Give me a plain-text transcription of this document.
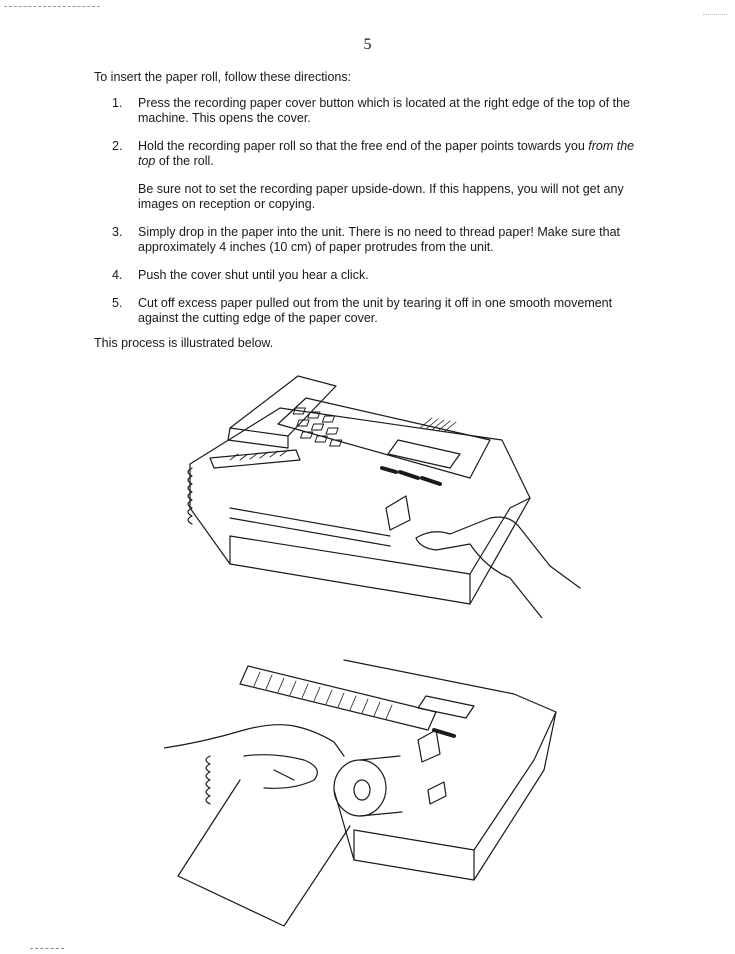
5
To insert the paper roll, follow these directions:
1. Press the recording paper cover button which is located at the right edge of the top of the machine. This opens the cover.
2. Hold the recording paper roll so that the free end of the paper points towards you from the top of the roll.
Be sure not to set the recording paper upside-down. If this happens, you will not get any images on reception or copying.
3. Simply drop in the paper into the unit. There is no need to thread paper! Make sure that approximately 4 inches (10 cm) of paper protrudes from the unit.
4. Push the cover shut until you hear a click.
5. Cut off excess paper pulled out from the unit by tearing it off in one smooth movement against the cutting edge of the paper cover.
This process is illustrated below.
